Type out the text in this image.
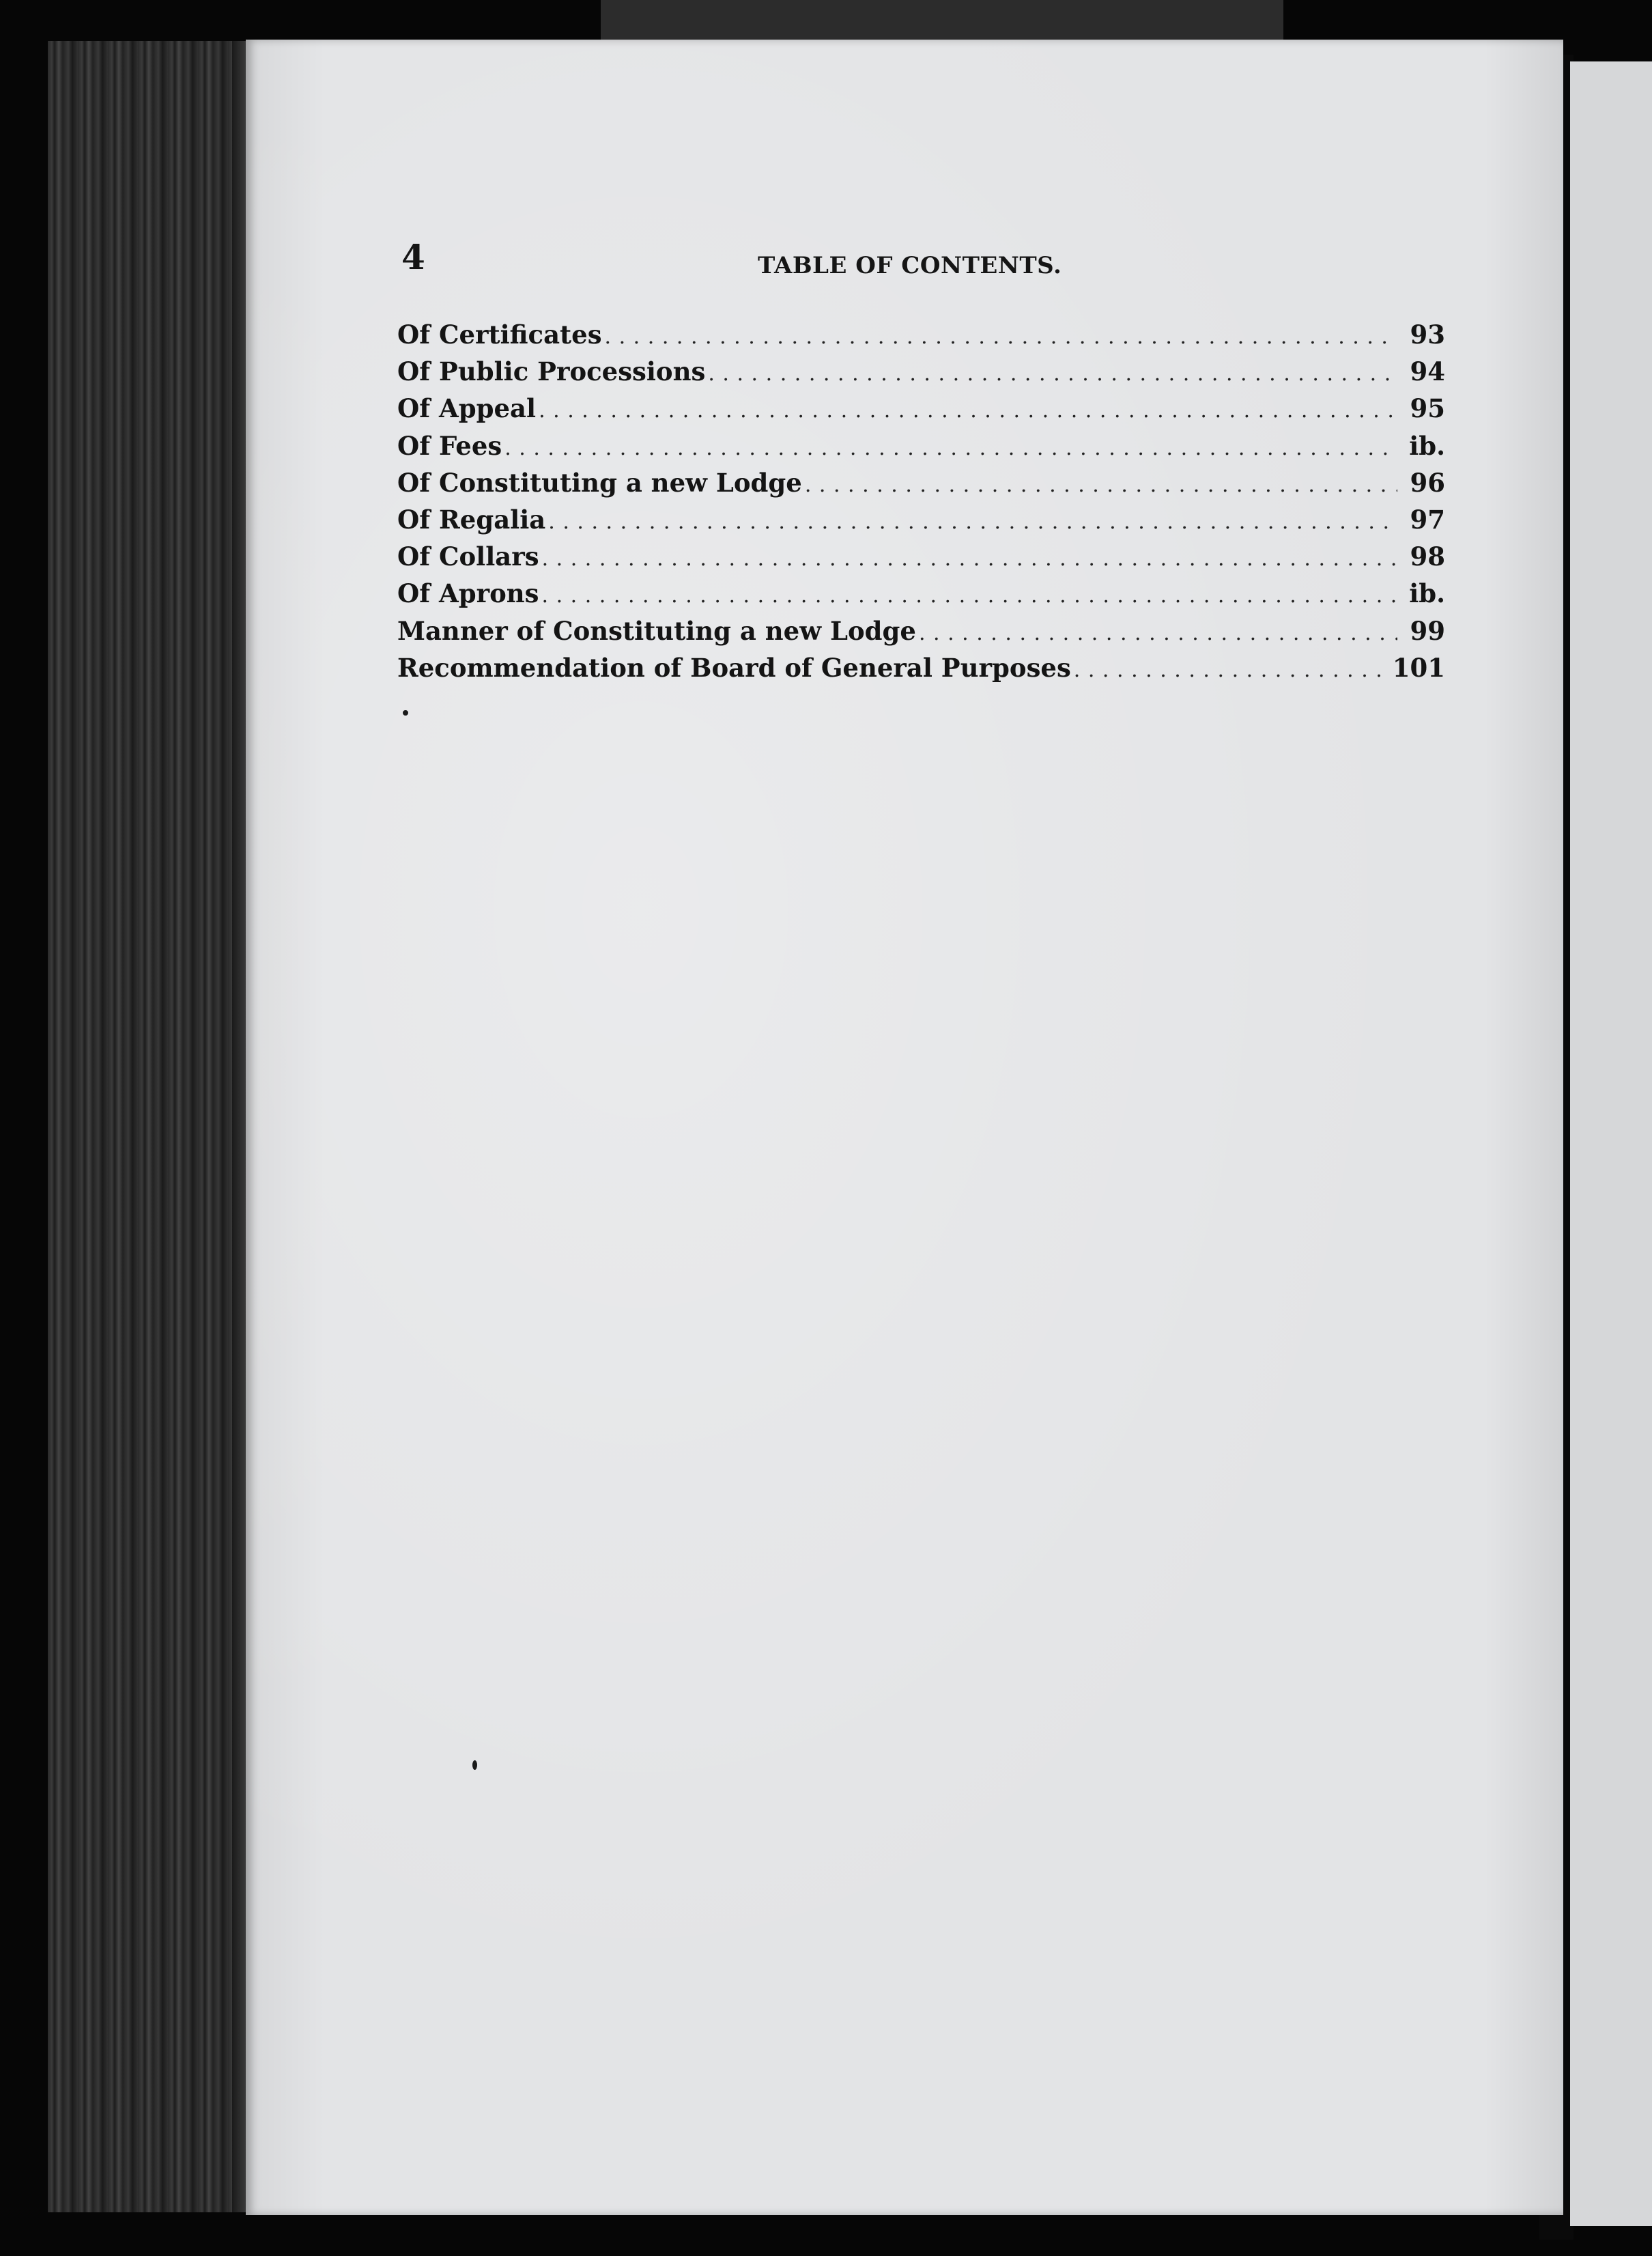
4	TABLE OF CONTENTS.
Of Certificates . . .	93
Of Public Processions . . .	94
Of Appeal . . .	95
Of Fees . . .	ib.
Of Constituting a new Lodge . . .	96
Of Regalia . . .	97
Of Collars . . .	98
Of Aprons . . .	ib.
Manner of Constituting a new Lodge . . .	99
Recommendation of Board of General Purposes . . .	101
